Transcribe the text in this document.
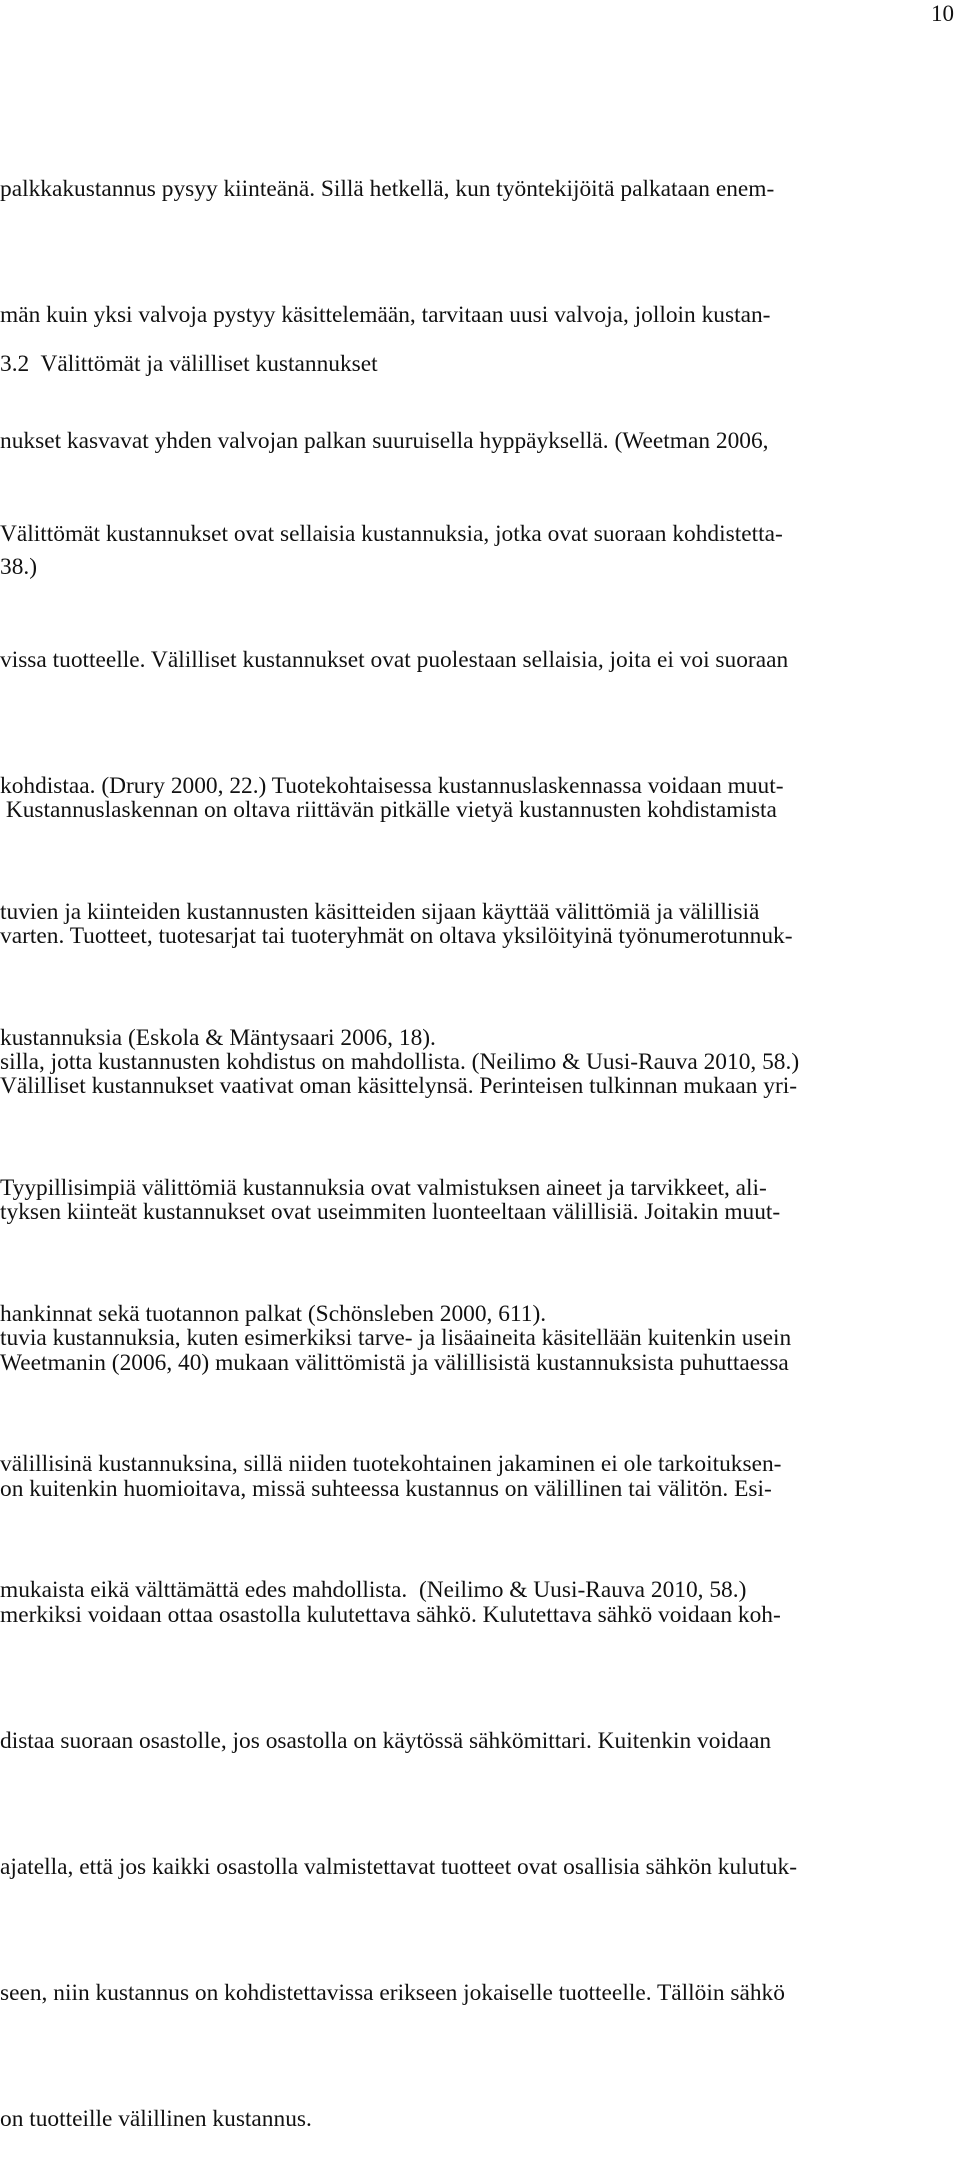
10

palkkakustannus pysyy kiinteänä. Sillä hetkellä, kun työntekijöitä palkataan enem-

män kuin yksi valvoja pystyy käsittelemään, tarvitaan uusi valvoja, jolloin kustan-

nukset kasvavat yhden valvojan palkan suuruisella hyppäyksellä. (Weetman 2006,

38.)

3.2  Välittömät ja välilliset kustannukset

Välittömät kustannukset ovat sellaisia kustannuksia, jotka ovat suoraan kohdistetta-

vissa tuotteelle. Välilliset kustannukset ovat puolestaan sellaisia, joita ei voi suoraan

kohdistaa. (Drury 2000, 22.) Tuotekohtaisessa kustannuslaskennassa voidaan muut-

tuvien ja kiinteiden kustannusten käsitteiden sijaan käyttää välittömiä ja välillisiä

kustannuksia (Eskola & Mäntysaari 2006, 18).

Kustannuslaskennan on oltava riittävän pitkälle vietyä kustannusten kohdistamista

varten. Tuotteet, tuotesarjat tai tuoteryhmät on oltava yksilöityinä työnumerotunnuk-

silla, jotta kustannusten kohdistus on mahdollista. (Neilimo & Uusi-Rauva 2010, 58.)

Tyypillisimpiä välittömiä kustannuksia ovat valmistuksen aineet ja tarvikkeet, ali-

hankinnat sekä tuotannon palkat (Schönsleben 2000, 611).

Välilliset kustannukset vaativat oman käsittelynsä. Perinteisen tulkinnan mukaan yri-

tyksen kiinteät kustannukset ovat useimmiten luonteeltaan välillisiä. Joitakin muut-

tuvia kustannuksia, kuten esimerkiksi tarve- ja lisäaineita käsitellään kuitenkin usein

välillisinä kustannuksina, sillä niiden tuotekohtainen jakaminen ei ole tarkoituksen-

mukaista eikä välttämättä edes mahdollista.  (Neilimo & Uusi-Rauva 2010, 58.)

Weetmanin (2006, 40) mukaan välittömistä ja välillisistä kustannuksista puhuttaessa

on kuitenkin huomioitava, missä suhteessa kustannus on välillinen tai välitön. Esi-

merkiksi voidaan ottaa osastolla kulutettava sähkö. Kulutettava sähkö voidaan koh-

distaa suoraan osastolle, jos osastolla on käytössä sähkömittari. Kuitenkin voidaan

ajatella, että jos kaikki osastolla valmistettavat tuotteet ovat osallisia sähkön kulutuk-

seen, niin kustannus on kohdistettavissa erikseen jokaiselle tuotteelle. Tällöin sähkö

on tuotteille välillinen kustannus.
